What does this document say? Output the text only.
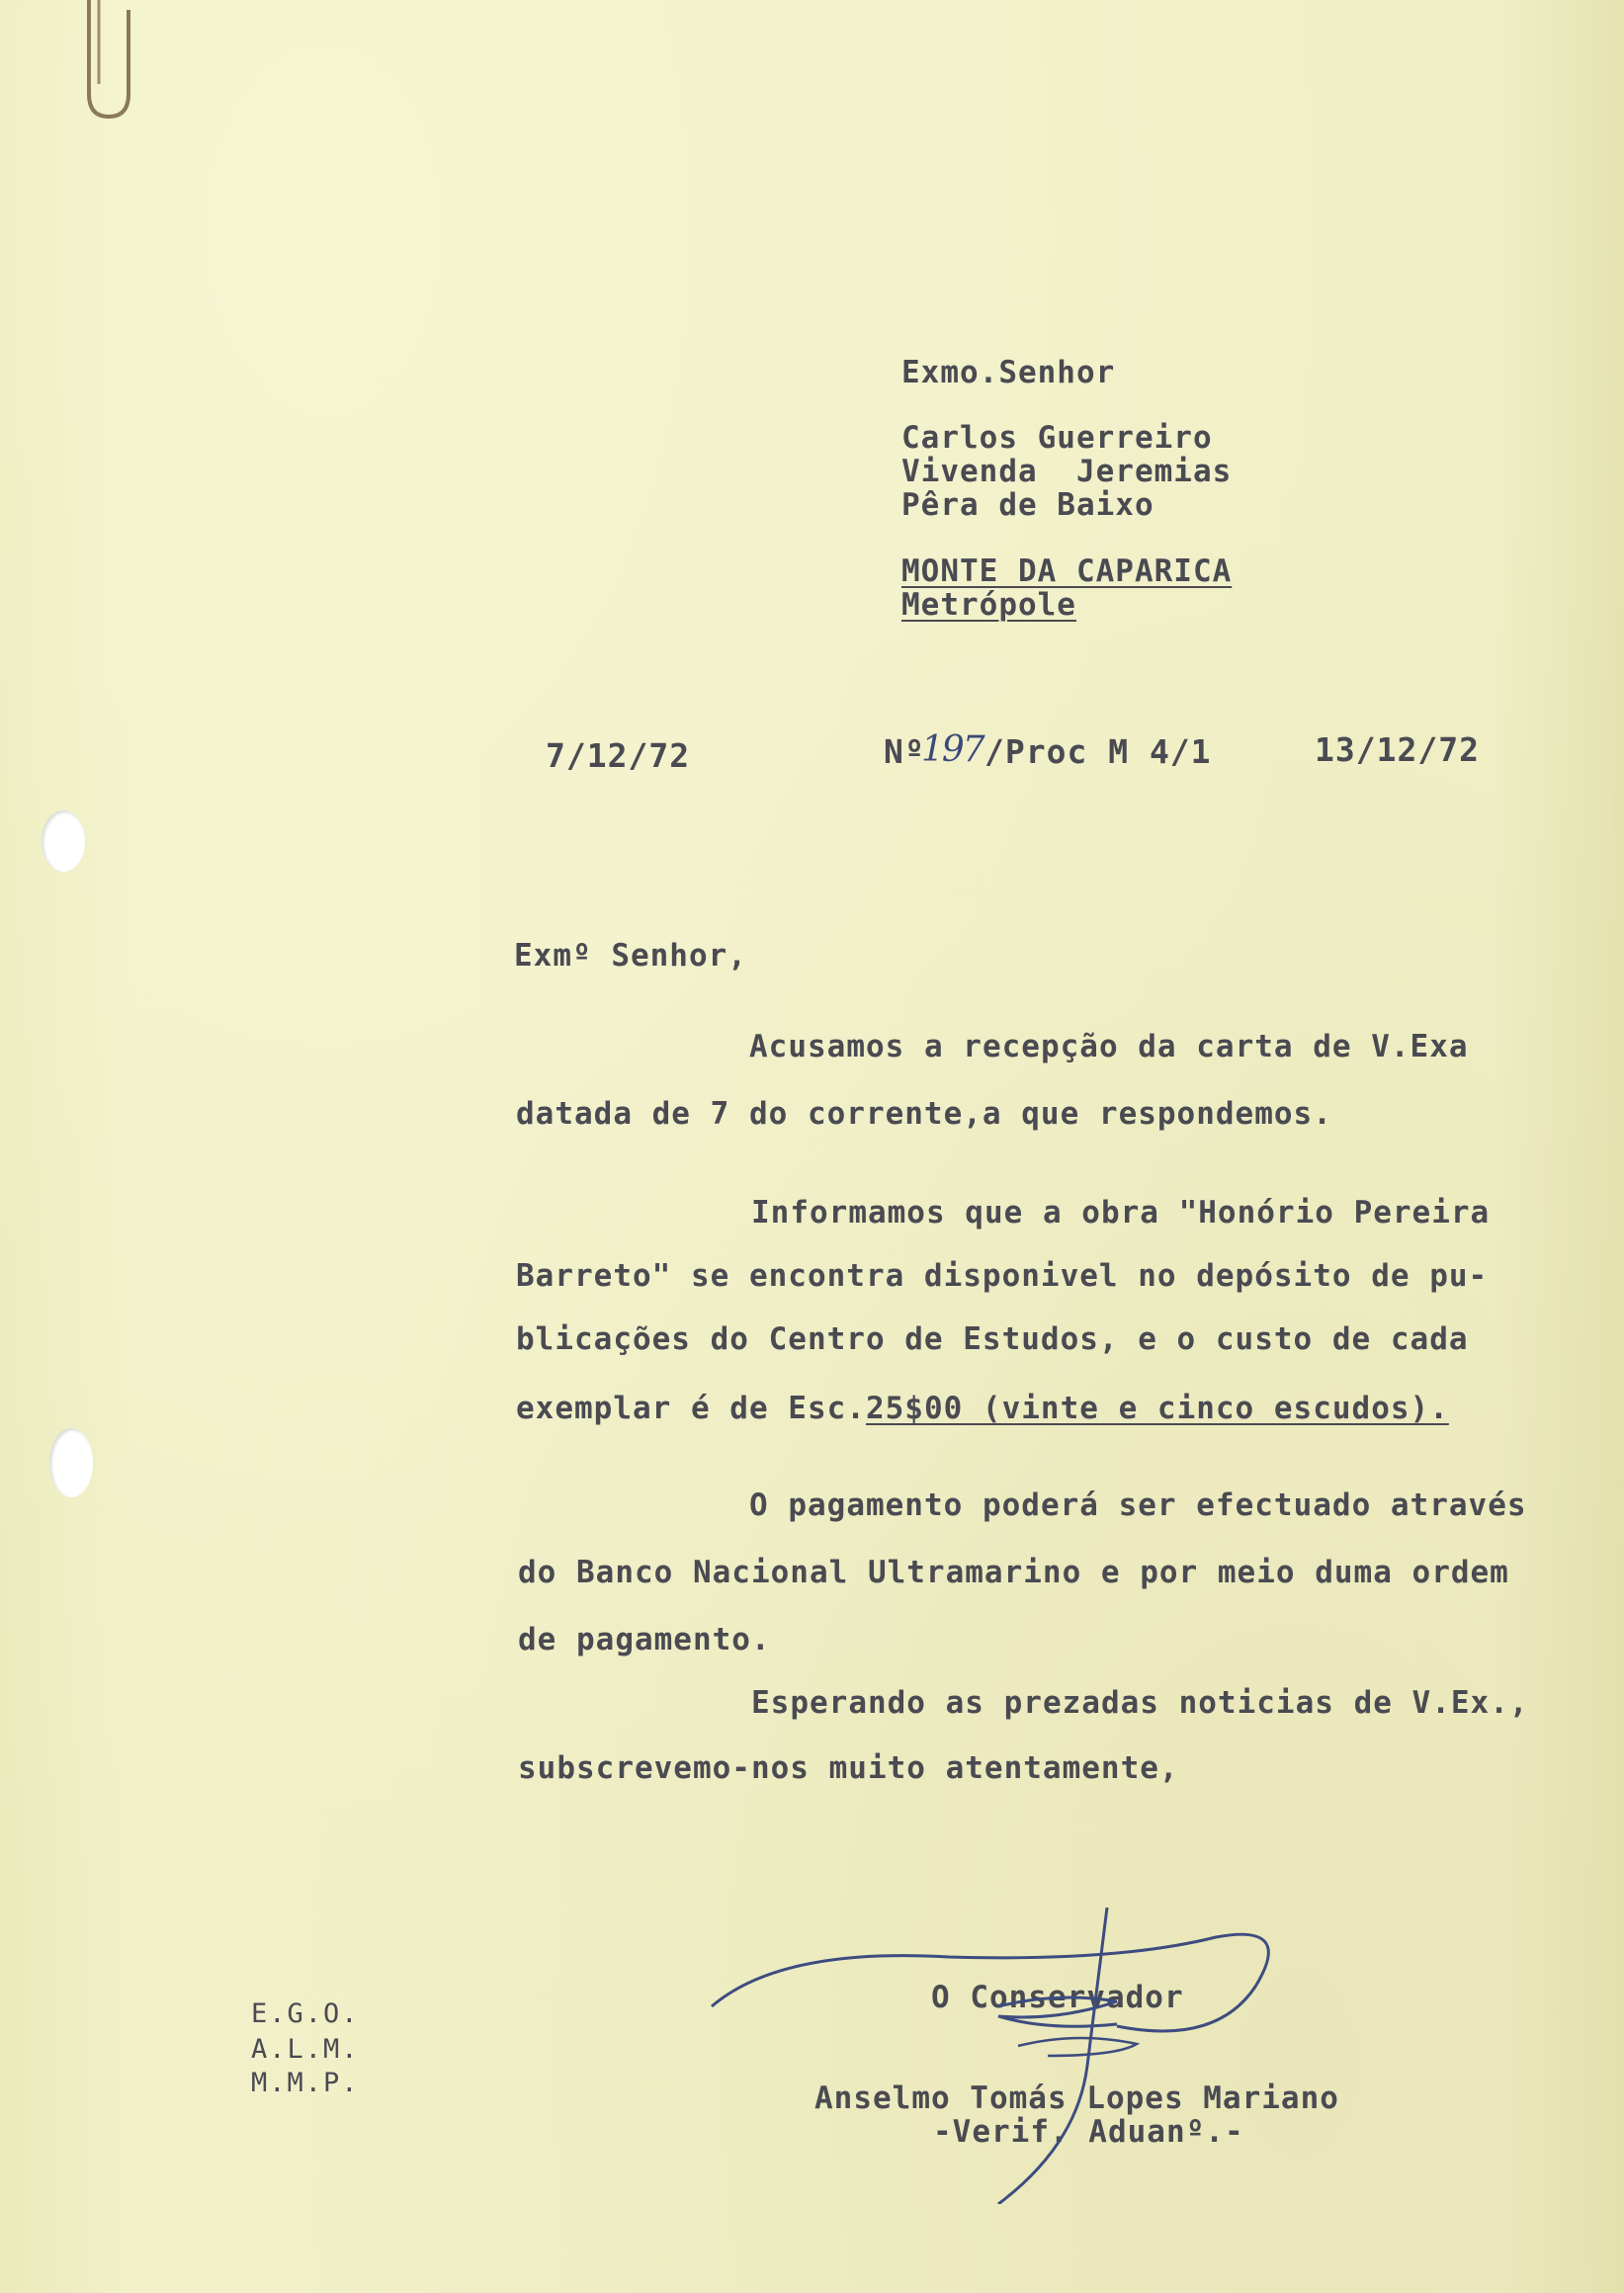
Exmo.Senhor
Carlos Guerreiro
Vivenda  Jeremias
Pêra de Baixo
MONTE DA CAPARICA
Metrópole
7/12/72	Nº
197 /Proc M 4/1	13/12/72
Exmº Senhor,
Acusamos a recepção da carta de V.Exa
datada de 7 do corrente,a que respondemos.
Informamos que a obra "Honório Pereira
Barreto" se encontra disponivel no depósito de pu-
blicações do Centro de Estudos, e o custo de cada
exemplar é de Esc.25$00 (vinte e cinco escudos).
O pagamento poderá ser efectuado através
do Banco Nacional Ultramarino e por meio duma ordem
de pagamento.
Esperando as prezadas noticias de V.Ex.,
subscrevemo-nos muito atentamente,
O Conservador
Anselmo Tomás Lopes Mariano
-Verif. Aduanº.-
E.G.O.
A.L.M.
M.M.P.
